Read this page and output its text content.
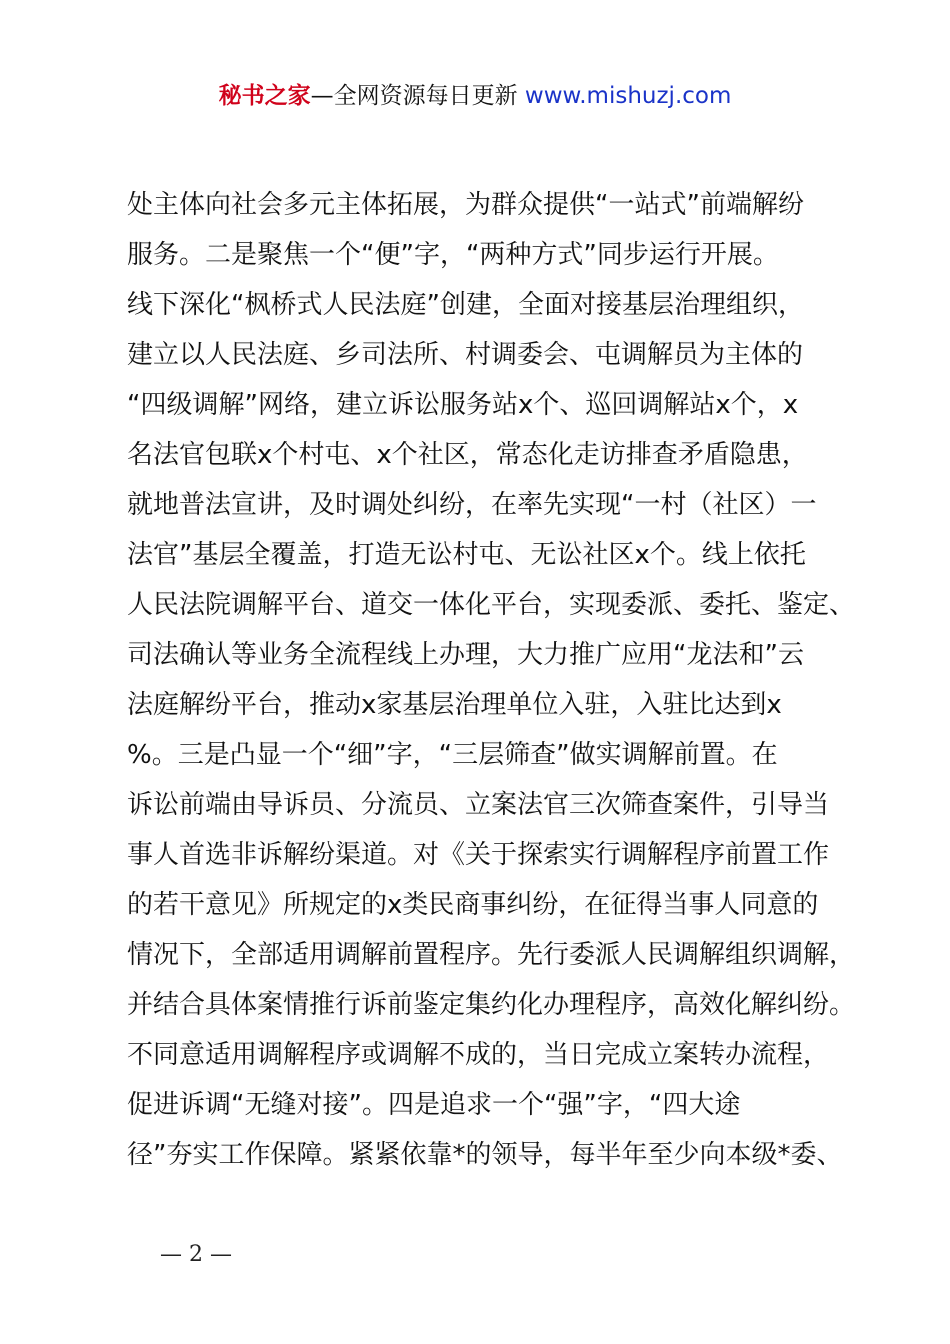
秘书之家—全网资源每日更新 www.mishuzj.com
处主体向社会多元主体拓展，为群众提供“一站式”前端解纷
服务。二是聚焦一个“便”字，“两种方式”同步运行开展。
线下深化“枫桥式人民法庭”创建，全面对接基层治理组织，
建立以人民法庭、乡司法所、村调委会、屯调解员为主体的
“四级调解”网络，建立诉讼服务站x个、巡回调解站x个，x
名法官包联x个村屯、x个社区，常态化走访排查矛盾隐患，
就地普法宣讲，及时调处纠纷，在率先实现“一村（社区）一
法官”基层全覆盖，打造无讼村屯、无讼社区x个。线上依托
人民法院调解平台、道交一体化平台，实现委派、委托、鉴定、
司法确认等业务全流程线上办理，大力推广应用“龙法和”云
法庭解纷平台，推动x家基层治理单位入驻，入驻比达到x
%。三是凸显一个“细”字，“三层筛查”做实调解前置。在
诉讼前端由导诉员、分流员、立案法官三次筛查案件，引导当
事人首选非诉解纷渠道。对《关于探索实行调解程序前置工作
的若干意见》所规定的x类民商事纠纷，在征得当事人同意的
情况下，全部适用调解前置程序。先行委派人民调解组织调解，
并结合具体案情推行诉前鉴定集约化办理程序，高效化解纠纷。
不同意适用调解程序或调解不成的，当日完成立案转办流程，
促进诉调“无缝对接”。四是追求一个“强”字，“四大途
径”夯实工作保障。紧紧依靠*的领导，每半年至少向本级*委、
— 2 —
